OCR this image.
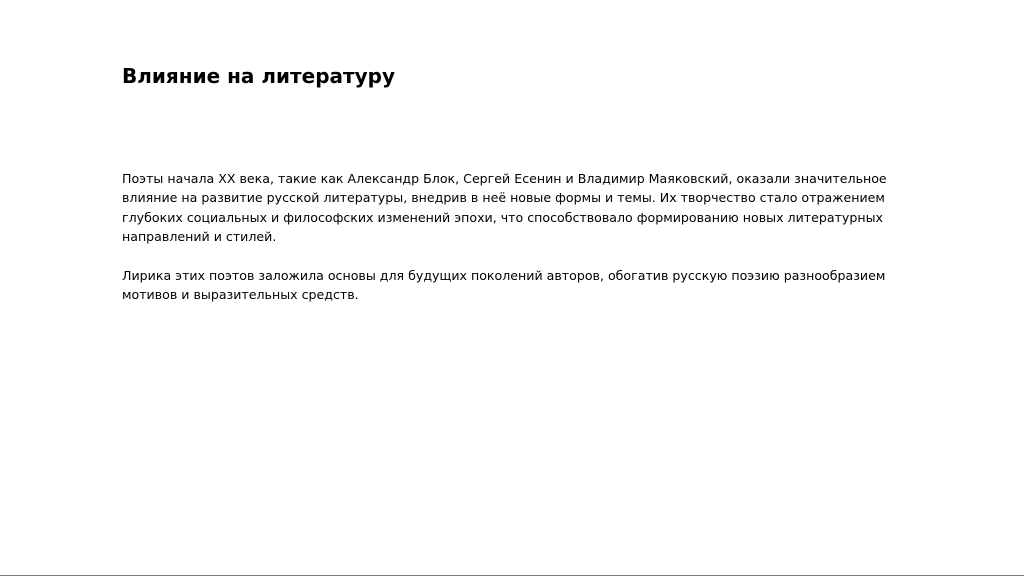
Влияние на литературу

Поэты начала XX века, такие как Александр Блок, Сергей Есенин и Владимир Маяковский, оказали значительное влияние на развитие русской литературы, внедрив в неё новые формы и темы. Их творчество стало отражением глубоких социальных и философских изменений эпохи, что способствовало формированию новых литературных направлений и стилей.

Лирика этих поэтов заложила основы для будущих поколений авторов, обогатив русскую поэзию разнообразием мотивов и выразительных средств.
